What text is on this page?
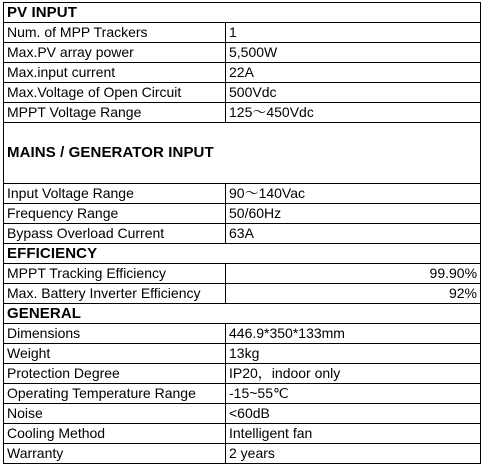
PV INPUT	
Num. of MPP Trackers	1
Max.PV array power	5,500W
Max.input current	22A
Max.Voltage of Open Circuit	500Vdc
MPPT Voltage Range	125～450Vdc
MAINS / GENERATOR INPUT	
Input Voltage Range	90～140Vac
Frequency Range	50/60Hz
Bypass Overload Current	63A
EFFICIENCY	
MPPT Tracking Efficiency	99.90%
Max. Battery Inverter Efficiency	92%
GENERAL	
Dimensions	446.9*350*133mm
Weight	13kg
Protection Degree	IP20，indoor only
Operating Temperature Range	-15~55℃
Noise	<60dB
Cooling Method	Intelligent fan
Warranty	2 years
